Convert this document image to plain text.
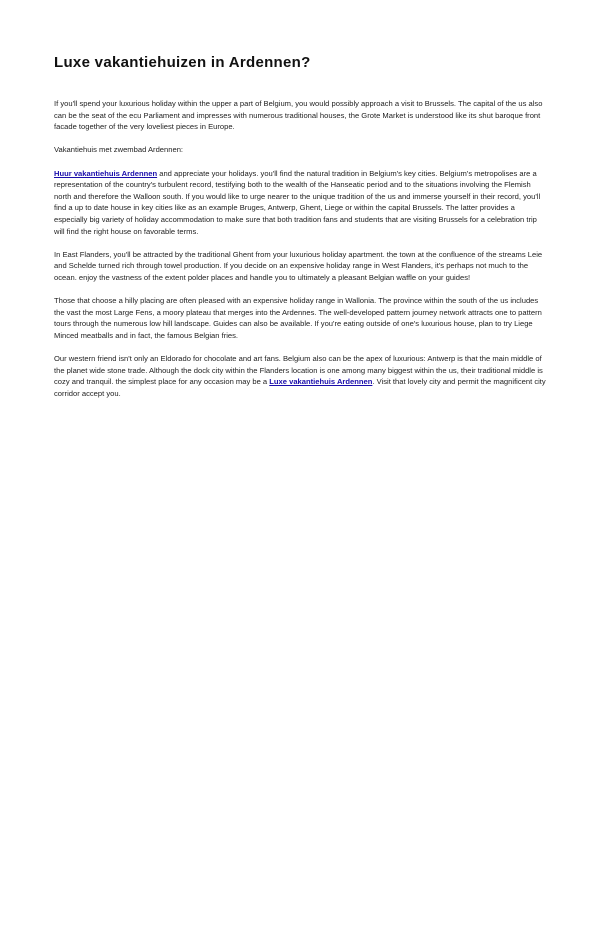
Luxe vakantiehuizen in Ardennen?

If you'll spend your luxurious holiday within the upper a part of Belgium, you would possibly approach a visit to Brussels. The capital of the us also can be the seat of the ecu Parliament and impresses with numerous traditional houses, the Grote Market is understood like its shut baroque front facade together of the very loveliest pieces in Europe.

Vakantiehuis met zwembad Ardennen:

Huur vakantiehuis Ardennen and appreciate your holidays. you'll find the natural tradition in Belgium's key cities. Belgium's metropolises are a representation of the country's turbulent record, testifying both to the wealth of the Hanseatic period and to the situations involving the Flemish north and therefore the Walloon south. If you would like to urge nearer to the unique tradition of the us and immerse yourself in their record, you'll find a up to date house in key cities like as an example Bruges, Antwerp, Ghent, Liege or within the capital Brussels. The latter provides a especially big variety of holiday accommodation to make sure that both tradition fans and students that are visiting Brussels for a celebration trip will find the right house on favorable terms.

In East Flanders, you'll be attracted by the traditional Ghent from your luxurious holiday apartment. the town at the confluence of the streams Leie and Schelde turned rich through towel production. If you decide on an expensive holiday range in West Flanders, it's perhaps not much to the ocean. enjoy the vastness of the extent polder places and handle you to ultimately a pleasant Belgian waffle on your guides!

Those that choose a hilly placing are often pleased with an expensive holiday range in Wallonia. The province within the south of the us includes the vast the most Large Fens, a moory plateau that merges into the Ardennes. The well-developed pattern journey network attracts one to pattern tours through the numerous low hill landscape. Guides can also be available. If you're eating outside of one's luxurious house, plan to try Liege Minced meatballs and in fact, the famous Belgian fries.

Our western friend isn't only an Eldorado for chocolate and art fans. Belgium also can be the apex of luxurious: Antwerp is that the main middle of the planet wide stone trade. Although the dock city within the Flanders location is one among many biggest within the us, their traditional middle is cozy and tranquil. the simplest place for any occasion may be a Luxe vakantiehuis Ardennen. Visit that lovely city and permit the magnificent city corridor accept you.
